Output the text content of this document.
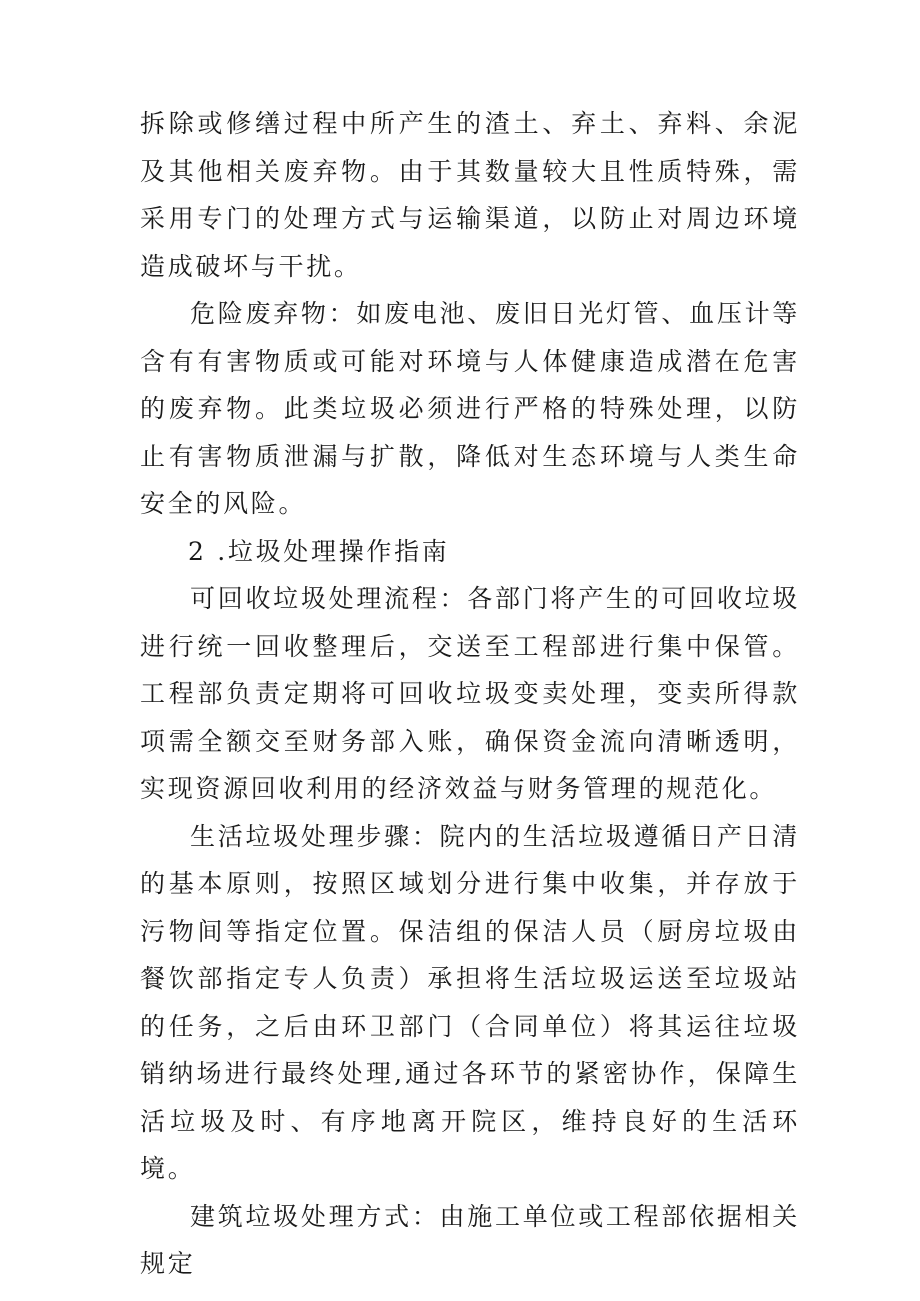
拆除或修缮过程中所产生的渣土、弃土、弃料、余泥及其他相关废弃物。由于其数量较大且性质特殊，需采用专门的处理方式与运输渠道，以防止对周边环境造成破坏与干扰。

危险废弃物：如废电池、废旧日光灯管、血压计等含有有害物质或可能对环境与人体健康造成潜在危害的废弃物。此类垃圾必须进行严格的特殊处理，以防止有害物质泄漏与扩散，降低对生态环境与人类生命安全的风险。

2 .垃圾处理操作指南

可回收垃圾处理流程：各部门将产生的可回收垃圾进行统一回收整理后，交送至工程部进行集中保管。工程部负责定期将可回收垃圾变卖处理，变卖所得款项需全额交至财务部入账，确保资金流向清晰透明，实现资源回收利用的经济效益与财务管理的规范化。

生活垃圾处理步骤：院内的生活垃圾遵循日产日清的基本原则，按照区域划分进行集中收集，并存放于污物间等指定位置。保洁组的保洁人员（厨房垃圾由餐饮部指定专人负责）承担将生活垃圾运送至垃圾站的任务，之后由环卫部门（合同单位）将其运往垃圾销纳场进行最终处理,通过各环节的紧密协作，保障生活垃圾及时、有序地离开院区，维持良好的生活环境。

建筑垃圾处理方式：由施工单位或工程部依据相关规定
